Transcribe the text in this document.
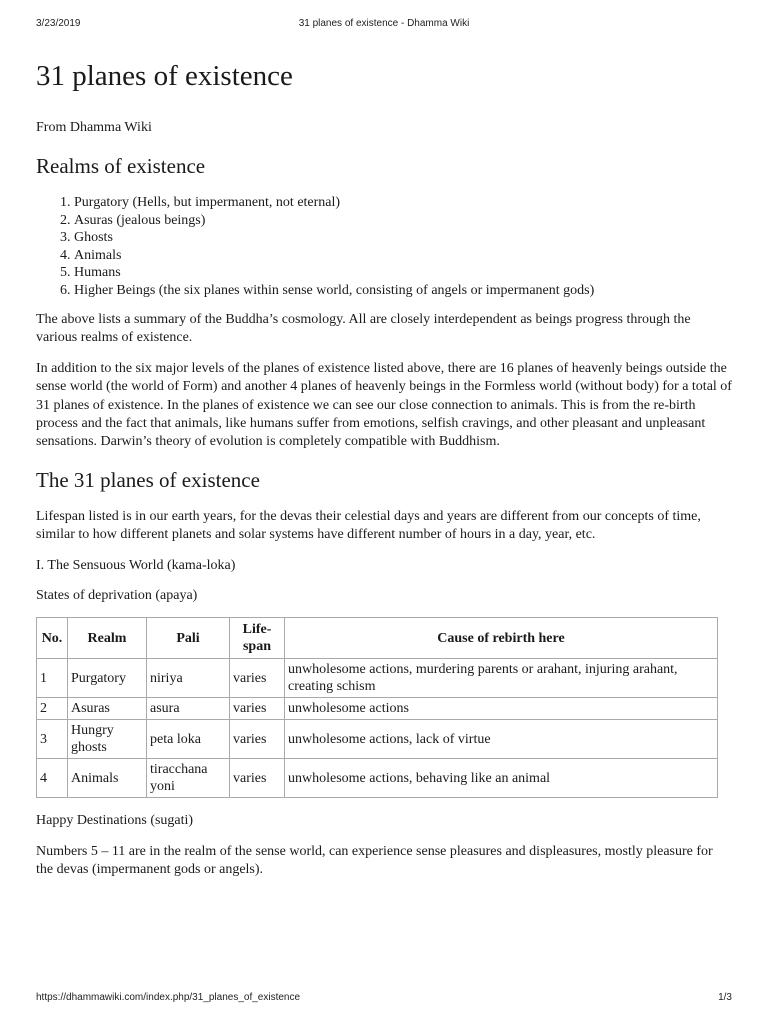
3/23/2019	31 planes of existence - Dhamma Wiki
31 planes of existence
From Dhamma Wiki
Realms of existence
1. Purgatory (Hells, but impermanent, not eternal)
2. Asuras (jealous beings)
3. Ghosts
4. Animals
5. Humans
6. Higher Beings (the six planes within sense world, consisting of angels or impermanent gods)

The above lists a summary of the Buddha’s cosmology. All are closely interdependent as beings progress through the various realms of existence.

In addition to the six major levels of the planes of existence listed above, there are 16 planes of heavenly beings outside the sense world (the world of Form) and another 4 planes of heavenly beings in the Formless world (without body) for a total of 31 planes of existence. In the planes of existence we can see our close connection to animals. This is from the re-birth process and the fact that animals, like humans suffer from emotions, selfish cravings, and other pleasant and unpleasant sensations. Darwin’s theory of evolution is completely compatible with Buddhism.

The 31 planes of existence

Lifespan listed is in our earth years, for the devas their celestial days and years are different from our concepts of time, similar to how different planets and solar systems have different number of hours in a day, year, etc.

I. The Sensuous World (kama-loka)

States of deprivation (apaya)

No.	Realm	Pali	Life-span	Cause of rebirth here
1	Purgatory	niriya	varies	unwholesome actions, murdering parents or arahant, injuring arahant, creating schism
2	Asuras	asura	varies	unwholesome actions
3	Hungry ghosts	peta loka	varies	unwholesome actions, lack of virtue
4	Animals	tiracchana yoni	varies	unwholesome actions, behaving like an animal

Happy Destinations (sugati)

Numbers 5 – 11 are in the realm of the sense world, can experience sense pleasures and displeasures, mostly pleasure for the devas (impermanent gods or angels).

https://dhammawiki.com/index.php/31_planes_of_existence	1/3
